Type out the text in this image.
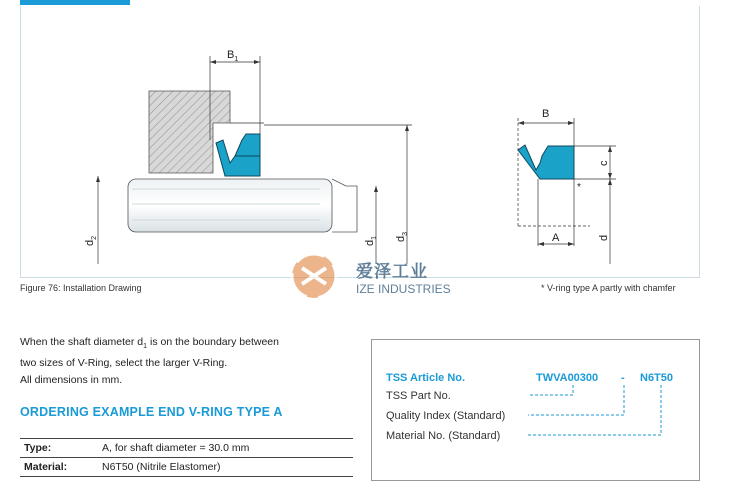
$B_1$
$d_2$
$d_1$ $d_3$
B
c
*
A	d
爱泽工业
IZE INDUSTRIES
Figure 76: Installation Drawing	* V-ring type A partly with chamfer
When the shaft diameter $d_1$ is on the boundary between
two sizes of V-Ring, select the larger V-Ring.
All dimensions in mm.
ORDERING EXAMPLE END V-RING TYPE A
Type:	A, for shaft diameter = 30.0 mm
Material:	N6T50 (Nitrile Elastomer)
TSS Article No.	TWVA00300 - N6T50
TSS Part No.
Quality Index (Standard)
Material No. (Standard)
